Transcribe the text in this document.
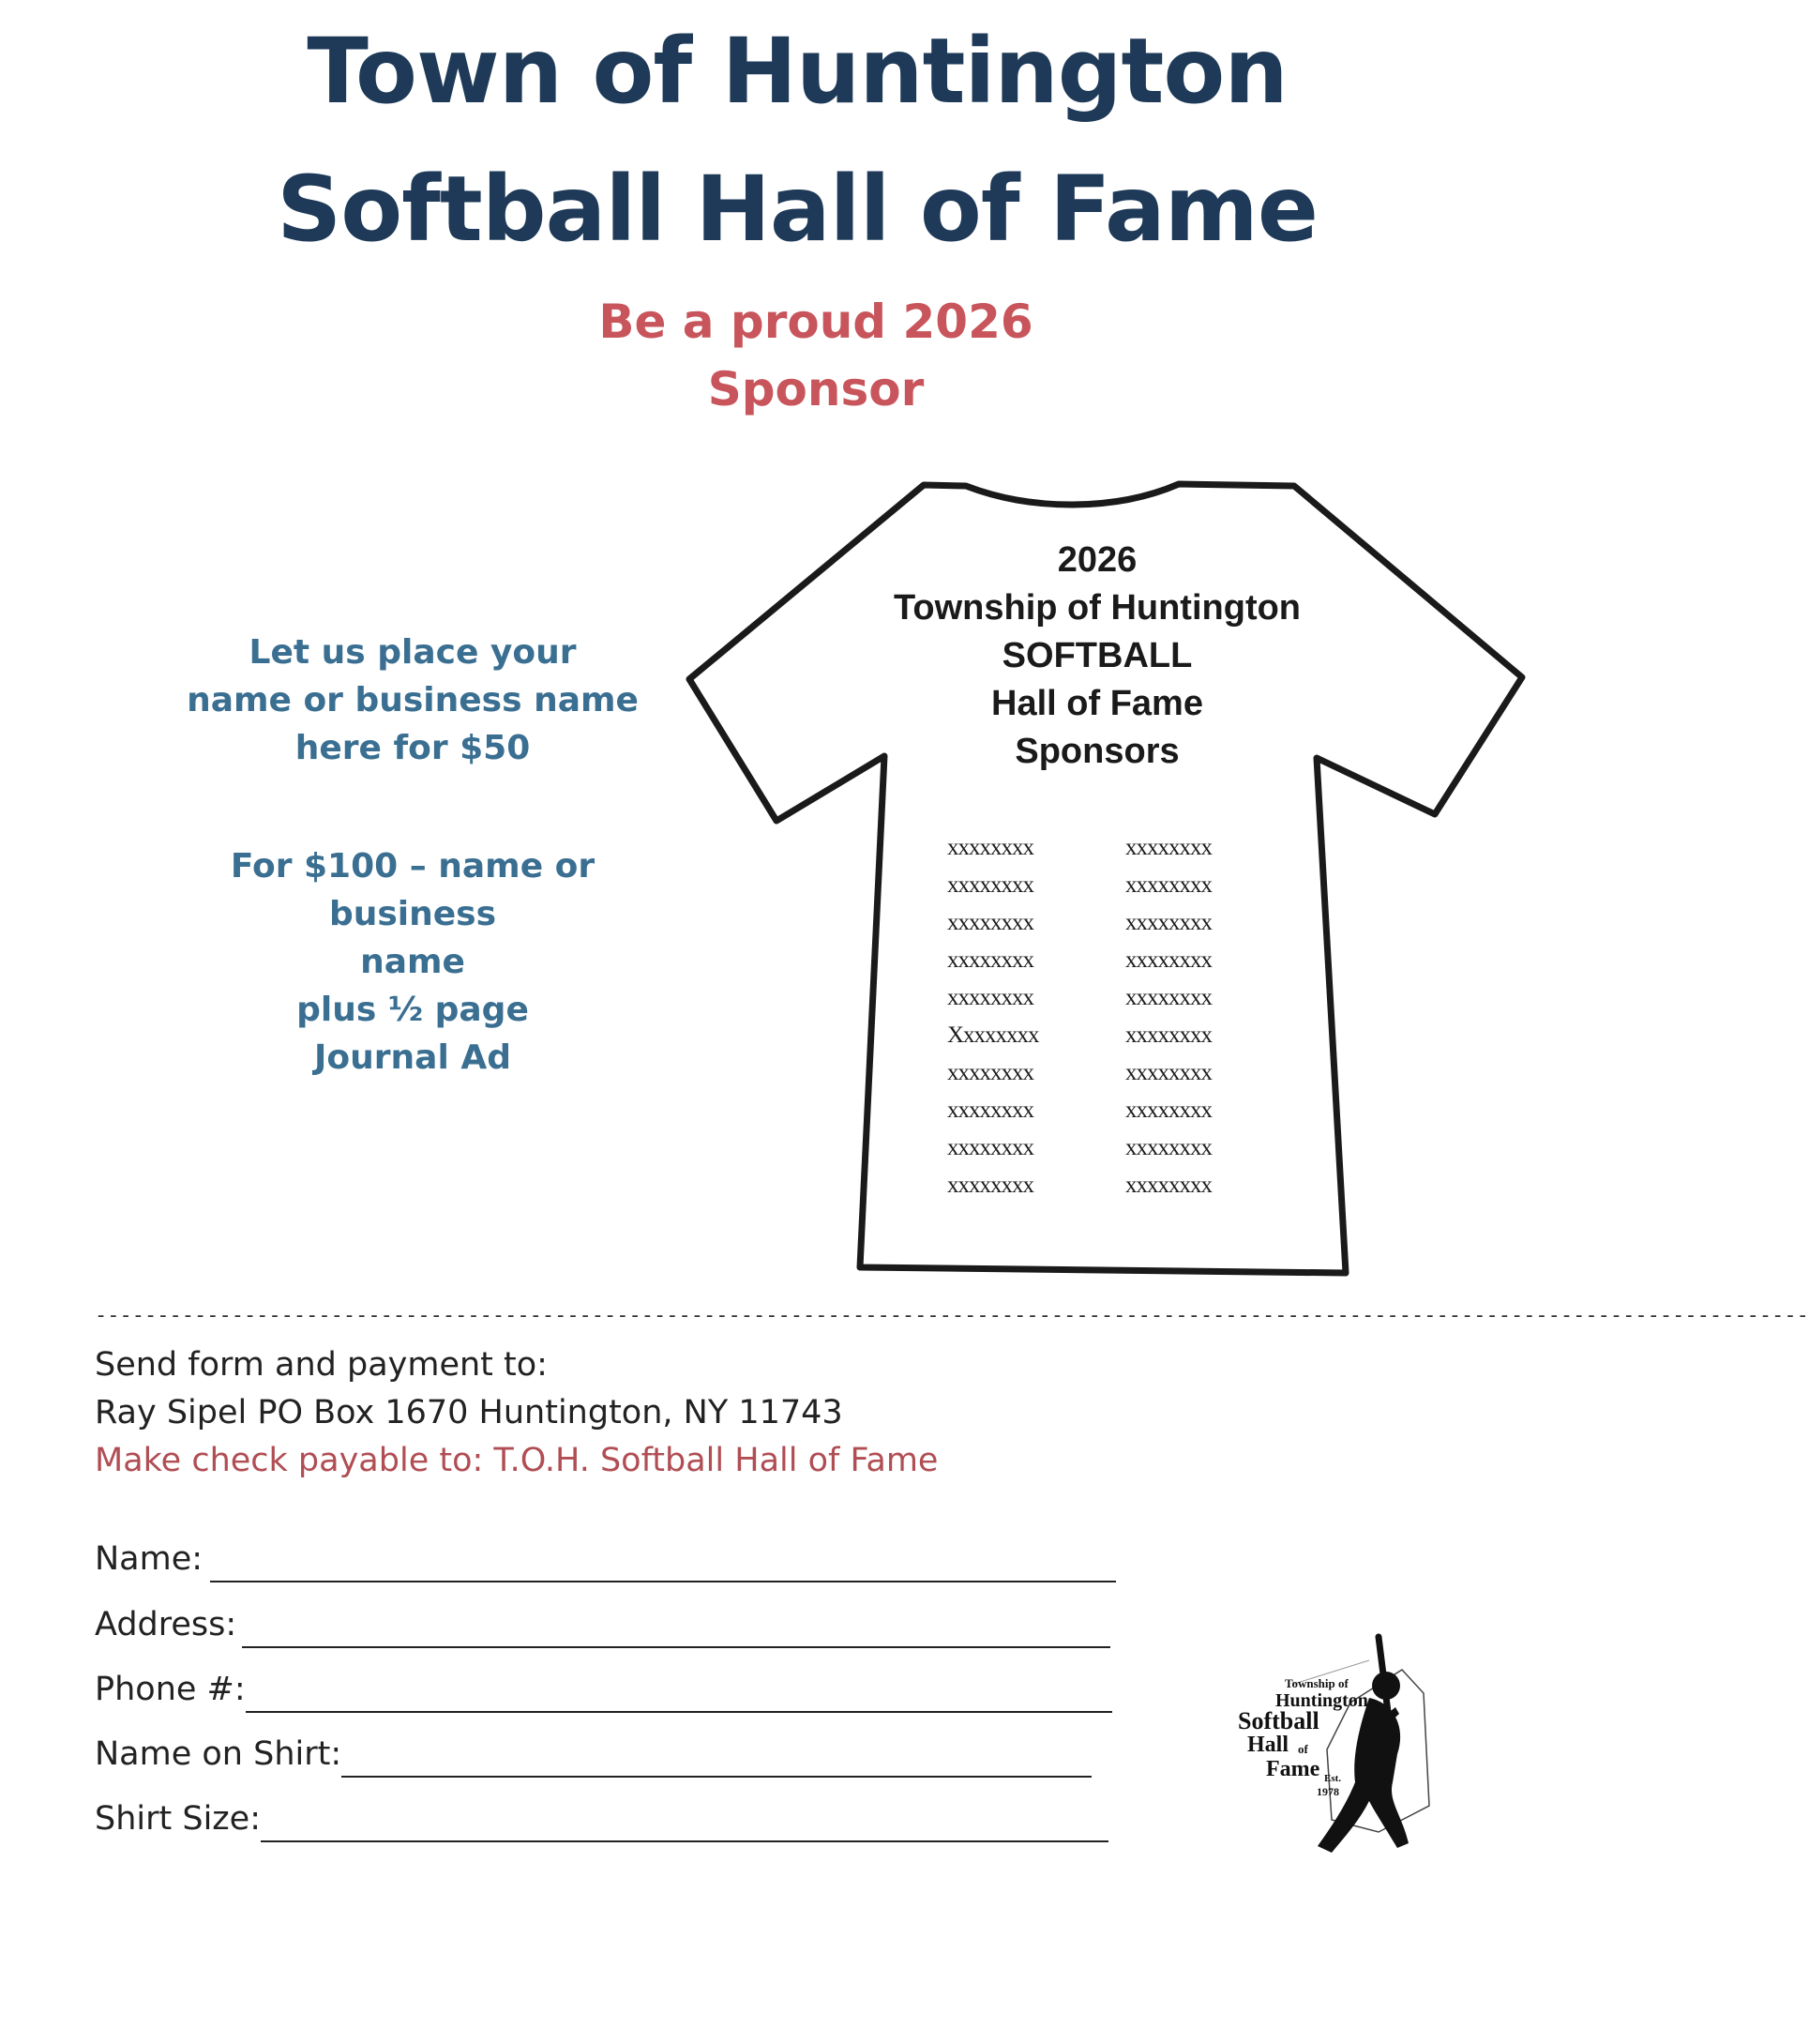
Town of Huntington
Softball Hall of Fame
Be a proud 2026
Sponsor
Let us place your
name or business name
here for $50
For $100 – name or business
name
plus ½ page
Journal Ad
2026
Township of Huntington
SOFTBALL
Hall of Fame
Sponsors
xxxxxxxx
xxxxxxxx
xxxxxxxx
xxxxxxxx
xxxxxxxx
Xxxxxxxx
xxxxxxxx
xxxxxxxx
xxxxxxxx
xxxxxxxx
xxxxxxxx
xxxxxxxx
xxxxxxxx
xxxxxxxx
xxxxxxxx
xxxxxxxx
xxxxxxxx
xxxxxxxx
xxxxxxxx
xxxxxxxx
------------------------------------------------------------------------------------------------------------------------------------------
Send form and payment to:
Ray Sipel PO Box 1670 Huntington, NY 11743
Make check payable to: T.O.H. Softball Hall of Fame
Name:
Address:
Phone #:
Name on Shirt:
Shirt Size:
Township of
Huntington
Softball
Hall of
Fame Est.
1978
